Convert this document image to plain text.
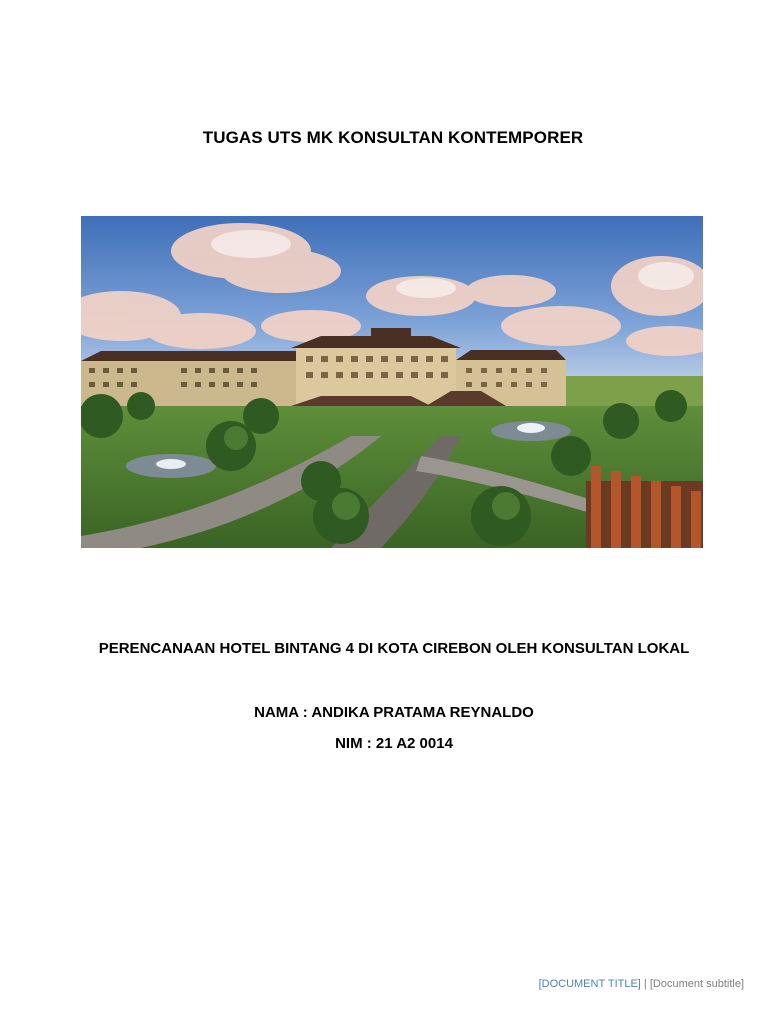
TUGAS UTS MK KONSULTAN KONTEMPORER
PERENCANAAN HOTEL BINTANG 4 DI KOTA CIREBON OLEH KONSULTAN LOKAL
NAMA : ANDIKA PRATAMA REYNALDO
NIM : 21 A2 0014
[DOCUMENT TITLE] | [Document subtitle]
